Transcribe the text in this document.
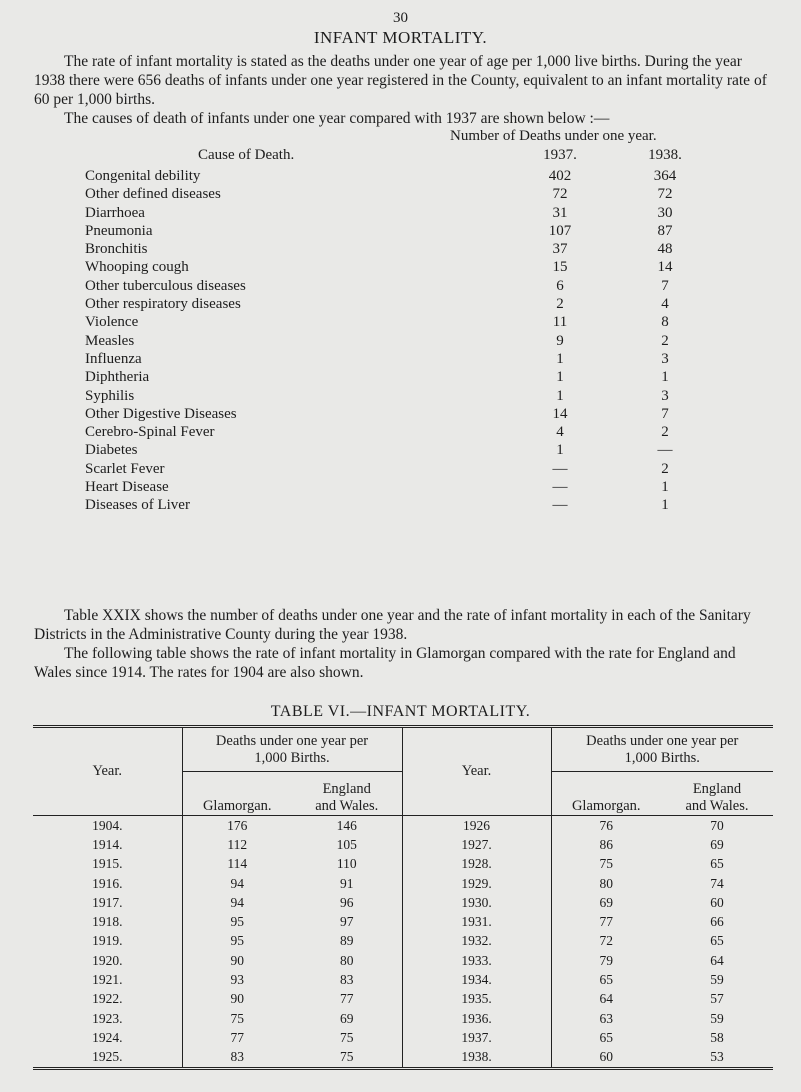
30
INFANT MORTALITY.

The rate of infant mortality is stated as the deaths under one year of age per 1,000 live births. During the year 1938 there were 656 deaths of infants under one year registered in the County, equivalent to an infant mortality rate of 60 per 1,000 births.

The causes of death of infants under one year compared with 1937 are shown below :—

Number of Deaths under one year.
Cause of Death.	1937.	1938.
Congenital debility	402	364
Other defined diseases	72	72
Diarrhoea	31	30
Pneumonia	107	87
Bronchitis	37	48
Whooping cough	15	14
Other tuberculous diseases	6	7
Other respiratory diseases	2	4
Violence	11	8
Measles	9	2
Influenza	1	3
Diphtheria	1	1
Syphilis	1	3
Other Digestive Diseases	14	7
Cerebro-Spinal Fever	4	2
Diabetes	1	—
Scarlet Fever	—	2
Heart Disease	—	1
Diseases of Liver	—	1

Table XXIX shows the number of deaths under one year and the rate of infant mortality in each of the Sanitary Districts in the Administrative County during the year 1938.

The following table shows the rate of infant mortality in Glamorgan compared with the rate for England and Wales since 1914. The rates for 1904 are also shown.

TABLE VI.—INFANT MORTALITY.
Year.	Deaths under one year per
1,000 Births.		Year.	Deaths under one year per
1,000 Births.	
	Glamorgan.	England
and Wales.		Glamorgan.	England
and Wales.
1904.	176	146	1926	76	70
1914.	112	105	1927.	86	69
1915.	114	110	1928.	75	65
1916.	94	91	1929.	80	74
1917.	94	96	1930.	69	60
1918.	95	97	1931.	77	66
1919.	95	89	1932.	72	65
1920.	90	80	1933.	79	64
1921.	93	83	1934.	65	59
1922.	90	77	1935.	64	57
1923.	75	69	1936.	63	59
1924.	77	75	1937.	65	58
1925.	83	75	1938.	60	53
